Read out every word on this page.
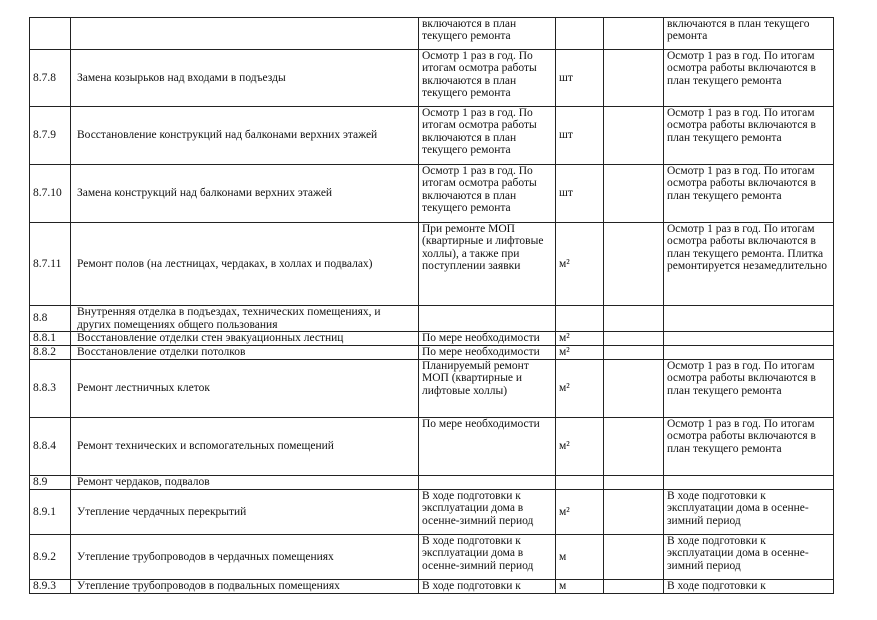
		включаются в план текущего ремонта			включаются в план текущего ремонта
8.7.8	Замена козырьков над входами в подъезды	Осмотр 1 раз в год. По итогам осмотра работы включаются в план текущего ремонта	шт		Осмотр 1 раз в год. По итогам осмотра работы включаются в план текущего ремонта
8.7.9	Восстановление конструкций над балконами верхних этажей	Осмотр 1 раз в год. По итогам осмотра работы включаются в план текущего ремонта	шт		Осмотр 1 раз в год. По итогам осмотра работы включаются в план текущего ремонта
8.7.10	Замена конструкций над балконами верхних этажей	Осмотр 1 раз в год. По итогам осмотра работы включаются в план текущего ремонта	шт		Осмотр 1 раз в год. По итогам осмотра работы включаются в план текущего ремонта
8.7.11	Ремонт полов (на лестницах, чердаках, в холлах и подвалах)	При ремонте МОП (квартирные и лифтовые холлы), а также при поступлении заявки	м²		Осмотр 1 раз в год. По итогам осмотра работы включаются в план текущего ремонта. Плитка ремонтируется незамедлительно
8.8	Внутренняя отделка в подъездах, технических помещениях, и других помещениях общего пользования				
8.8.1	Восстановление отделки стен эвакуационных лестниц	По мере необходимости	м²		
8.8.2	Восстановление отделки потолков	По мере необходимости	м²		
8.8.3	Ремонт лестничных клеток	Планируемый ремонт МОП (квартирные и лифтовые холлы)	м²		Осмотр 1 раз в год. По итогам осмотра работы включаются в план текущего ремонта
8.8.4	Ремонт технических и вспомогательных помещений	По мере необходимости	м²		Осмотр 1 раз в год. По итогам осмотра работы включаются в план текущего ремонта
8.9	Ремонт чердаков, подвалов				
8.9.1	Утепление чердачных перекрытий	В ходе подготовки к эксплуатации дома в осенне-зимний период	м²		В ходе подготовки к эксплуатации дома в осенне-зимний период
8.9.2	Утепление трубопроводов в чердачных помещениях	В ходе подготовки к эксплуатации дома в осенне-зимний период	м		В ходе подготовки к эксплуатации дома в осенне-зимний период
8.9.3	Утепление трубопроводов в подвальных помещениях	В ходе подготовки к	м		В ходе подготовки к
